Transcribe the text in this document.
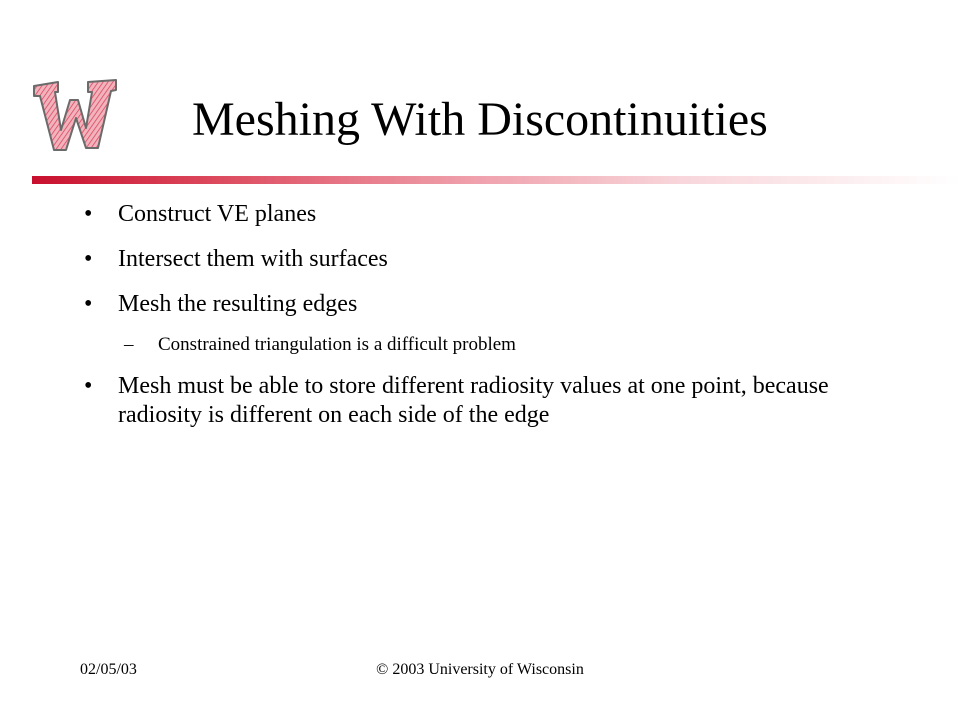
Meshing With Discontinuities
• Construct VE planes
• Intersect them with surfaces
• Mesh the resulting edges
– Constrained triangulation is a difficult problem
• Mesh must be able to store different radiosity values at one point, because radiosity is different on each side of the edge
02/05/03	© 2003 University of Wisconsin
